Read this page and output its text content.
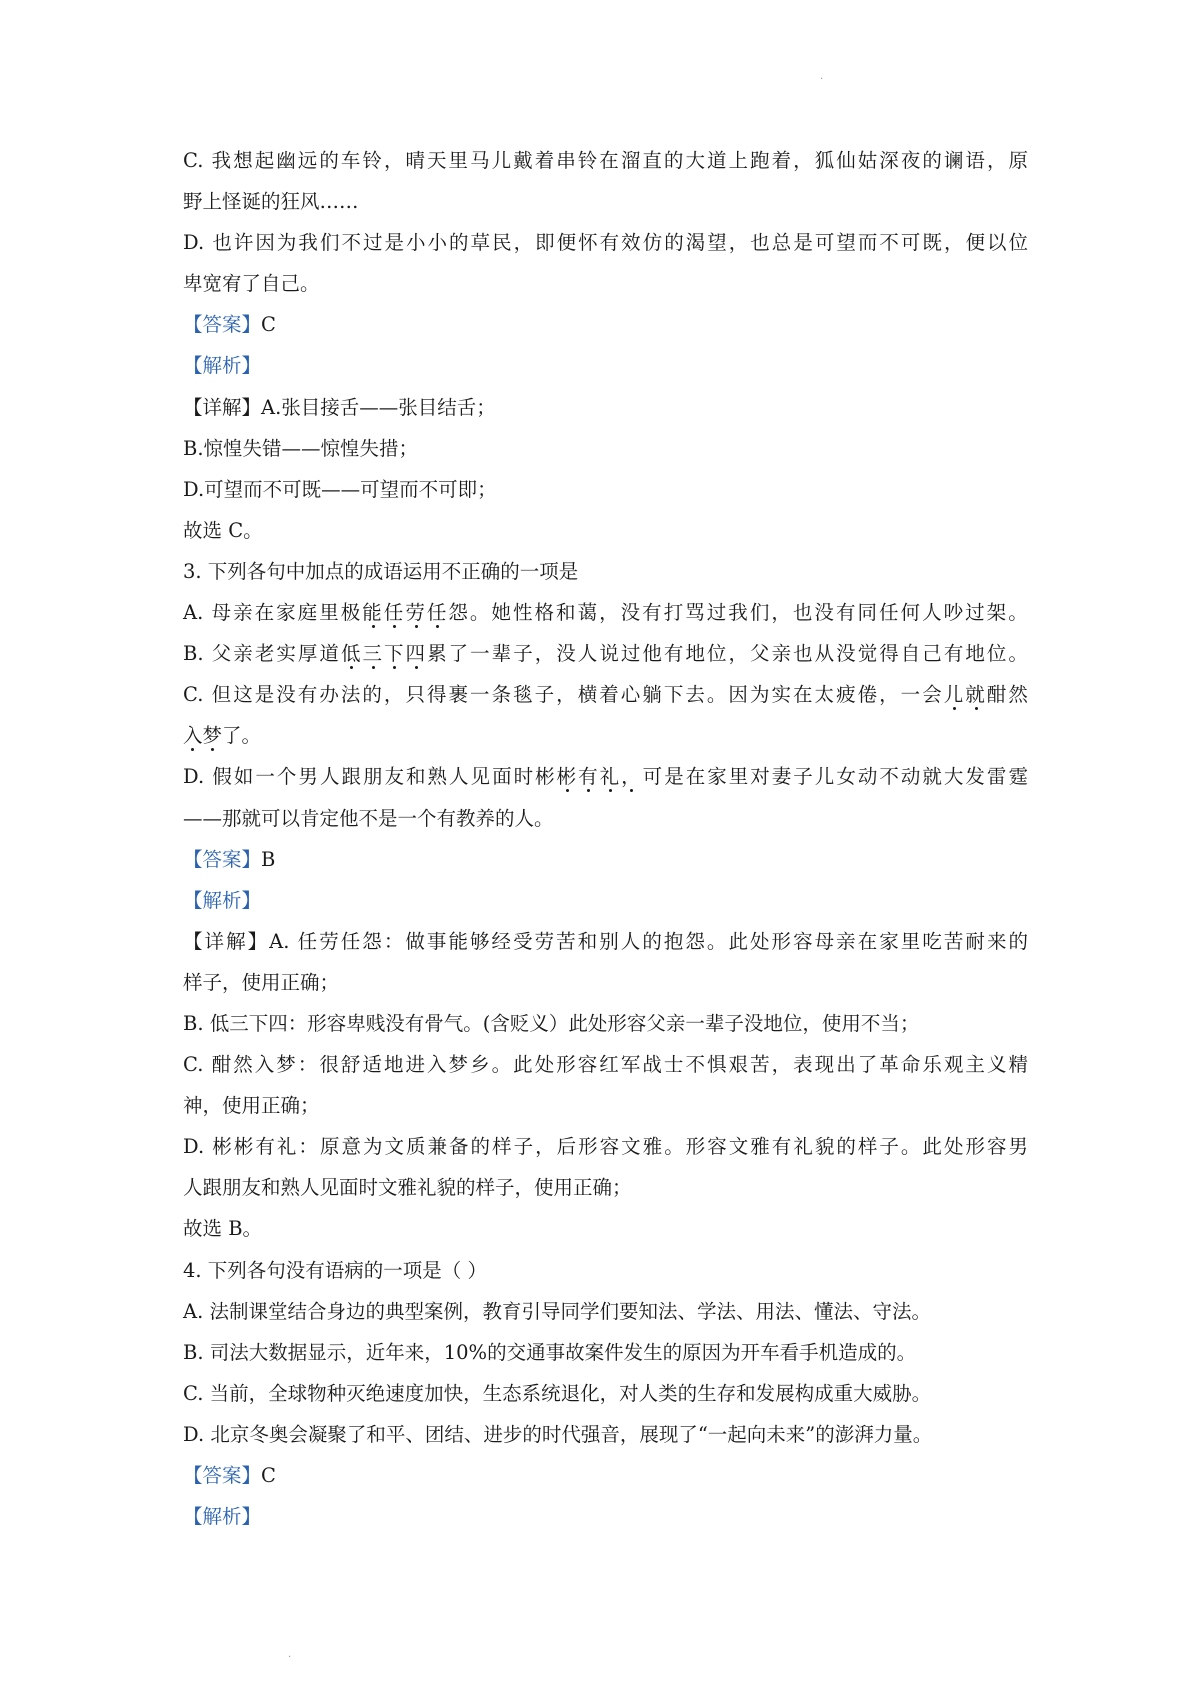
·
C. 我想起幽远的车铃，晴天里马儿戴着串铃在溜直的大道上跑着，狐仙姑深夜的谰语，原
野上怪诞的狂风……
D. 也许因为我们不过是小小的草民，即便怀有效仿的渴望，也总是可望而不可既，便以位
卑宽宥了自己。
【答案】C
【解析】
【详解】A.张目接舌——张目结舌；
B.惊惶失错——惊惶失措；
D.可望而不可既——可望而不可即；
故选 C。
3. 下列各句中加点的成语运用不正确的一项是
A. 母亲在家庭里极能任劳任怨。她性格和蔼，没有打骂过我们，也没有同任何人吵过架。
B. 父亲老实厚道低三下四累了一辈子，没人说过他有地位，父亲也从没觉得自己有地位。
C. 但这是没有办法的，只得裹一条毯子，横着心躺下去。因为实在太疲倦，一会儿就酣然
入梦了。
D. 假如一个男人跟朋友和熟人见面时彬彬有礼，可是在家里对妻子儿女动不动就大发雷霆
——那就可以肯定他不是一个有教养的人。
【答案】B
【解析】
【详解】A. 任劳任怨：做事能够经受劳苦和别人的抱怨。此处形容母亲在家里吃苦耐来的
样子，使用正确；
B. 低三下四：形容卑贱没有骨气。(含贬义）此处形容父亲一辈子没地位，使用不当；
C. 酣然入梦：很舒适地进入梦乡。此处形容红军战士不惧艰苦，表现出了革命乐观主义精
神，使用正确；
D. 彬彬有礼：原意为文质兼备的样子，后形容文雅。形容文雅有礼貌的样子。此处形容男
人跟朋友和熟人见面时文雅礼貌的样子，使用正确；
故选 B。
4. 下列各句没有语病的一项是（ ）
A. 法制课堂结合身边的典型案例，教育引导同学们要知法、学法、用法、懂法、守法。
B. 司法大数据显示，近年来，10%的交通事故案件发生的原因为开车看手机造成的。
C. 当前，全球物种灭绝速度加快，生态系统退化，对人类的生存和发展构成重大威胁。
D. 北京冬奥会凝聚了和平、团结、进步的时代强音，展现了“一起向未来”的澎湃力量。
【答案】C
【解析】
·
